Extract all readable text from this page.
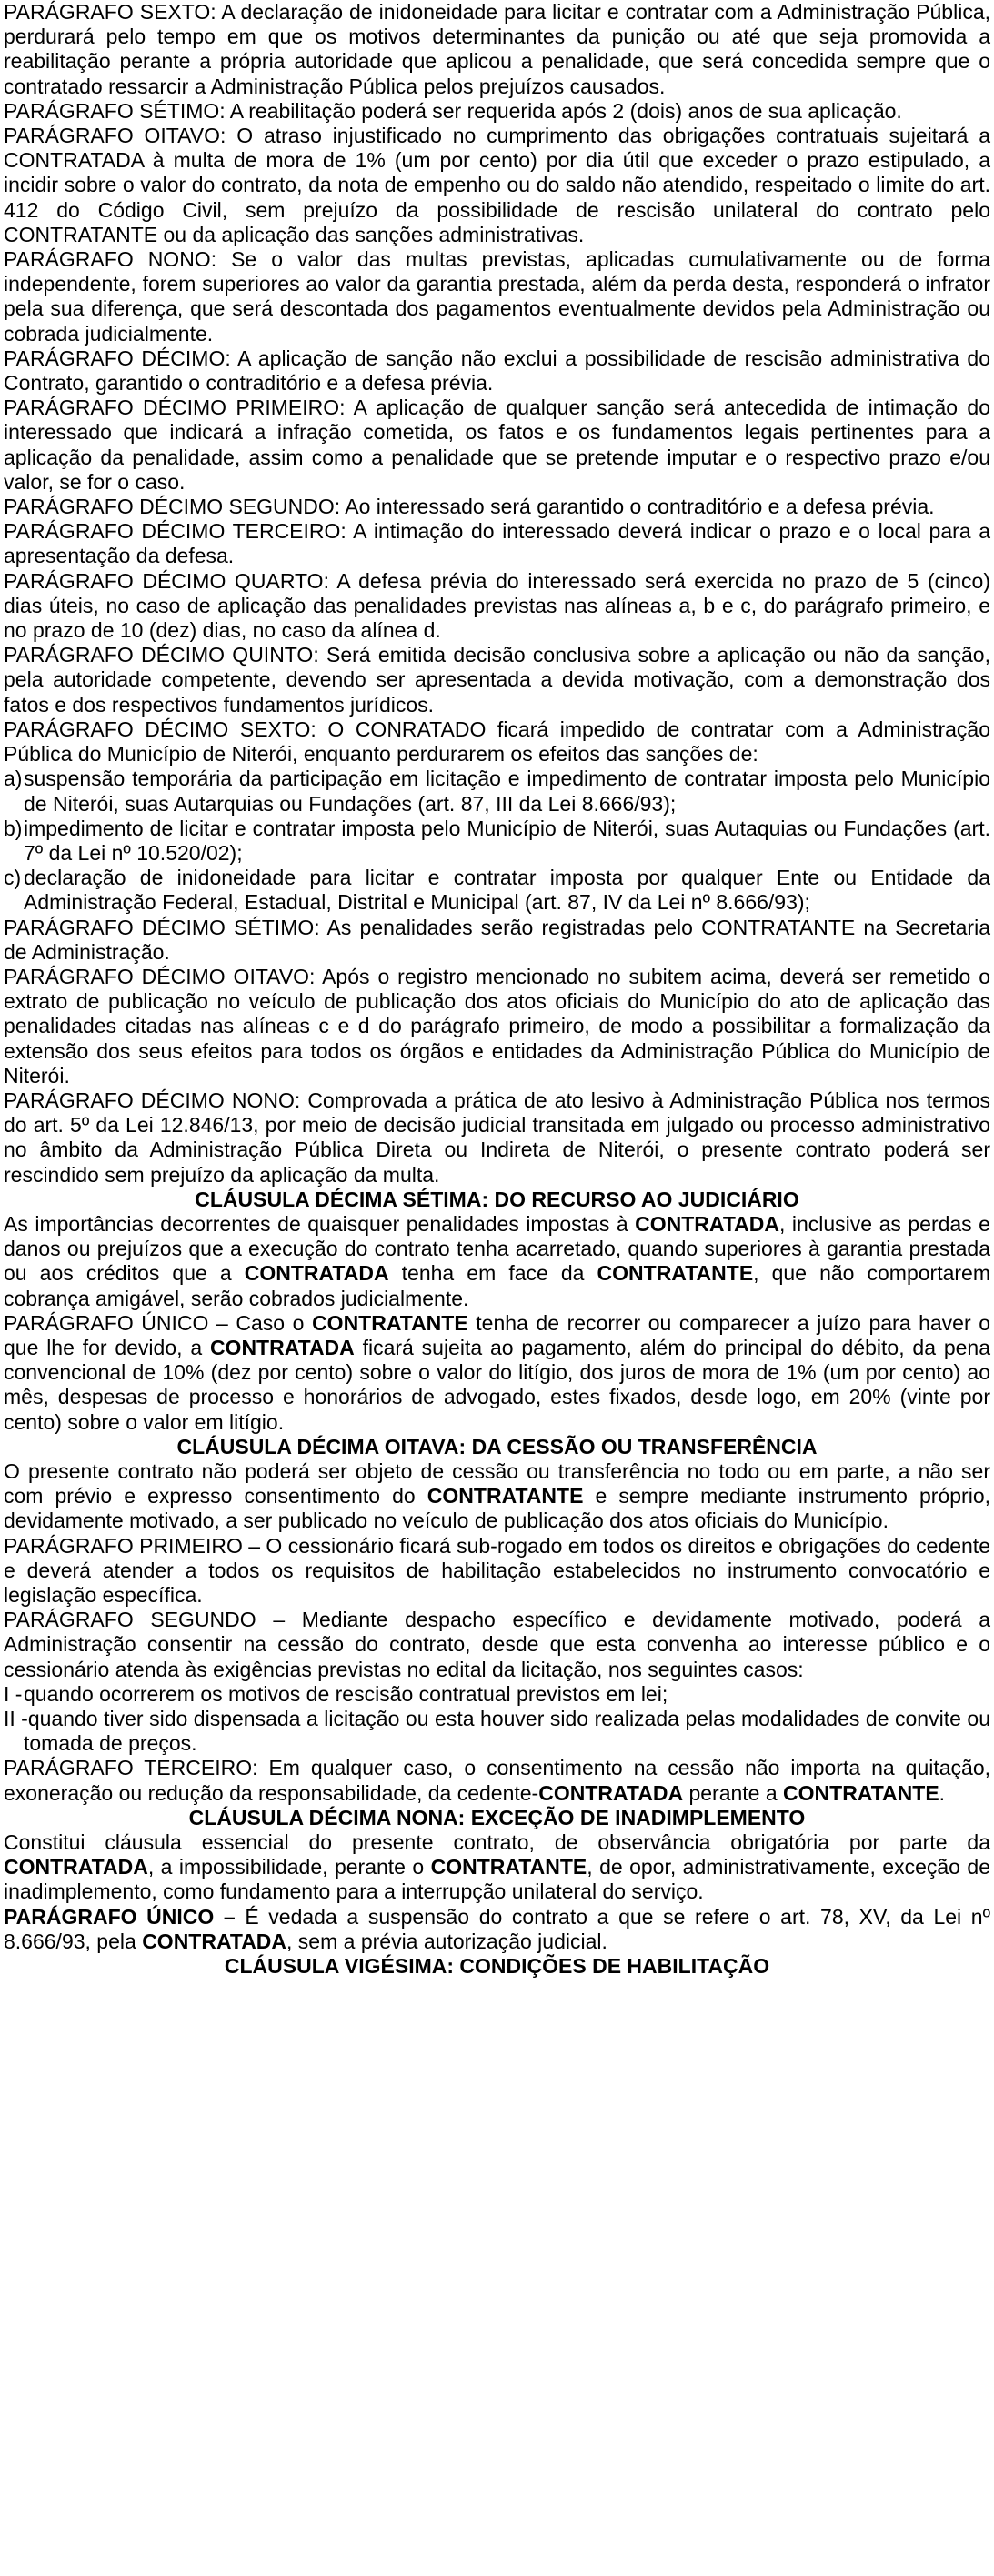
PARÁGRAFO SEXTO: A declaração de inidoneidade para licitar e contratar com a Administração Pública, perdurará pelo tempo em que os motivos determinantes da punição ou até que seja promovida a reabilitação perante a própria autoridade que aplicou a penalidade, que será concedida sempre que o contratado ressarcir a Administração Pública pelos prejuízos causados.

PARÁGRAFO SÉTIMO: A reabilitação poderá ser requerida após 2 (dois) anos de sua aplicação.

PARÁGRAFO OITAVO: O atraso injustificado no cumprimento das obrigações contratuais sujeitará a CONTRATADA à multa de mora de 1% (um por cento) por dia útil que exceder o prazo estipulado, a incidir sobre o valor do contrato, da nota de empenho ou do saldo não atendido, respeitado o limite do art. 412 do Código Civil, sem prejuízo da possibilidade de rescisão unilateral do contrato pelo CONTRATANTE ou da aplicação das sanções administrativas.

PARÁGRAFO NONO: Se o valor das multas previstas, aplicadas cumulativamente ou de forma independente, forem superiores ao valor da garantia prestada, além da perda desta, responderá o infrator pela sua diferença, que será descontada dos pagamentos eventualmente devidos pela Administração ou cobrada judicialmente.

PARÁGRAFO DÉCIMO: A aplicação de sanção não exclui a possibilidade de rescisão administrativa do Contrato, garantido o contraditório e a defesa prévia.

PARÁGRAFO DÉCIMO PRIMEIRO: A aplicação de qualquer sanção será antecedida de intimação do interessado que indicará a infração cometida, os fatos e os fundamentos legais pertinentes para a aplicação da penalidade, assim como a penalidade que se pretende imputar e o respectivo prazo e/ou valor, se for o caso.

PARÁGRAFO DÉCIMO SEGUNDO: Ao interessado será garantido o contraditório e a defesa prévia.

PARÁGRAFO DÉCIMO TERCEIRO: A intimação do interessado deverá indicar o prazo e o local para a apresentação da defesa.

PARÁGRAFO DÉCIMO QUARTO: A defesa prévia do interessado será exercida no prazo de 5 (cinco) dias úteis, no caso de aplicação das penalidades previstas nas alíneas a, b e c, do parágrafo primeiro, e no prazo de 10 (dez) dias, no caso da alínea d.

PARÁGRAFO DÉCIMO QUINTO: Será emitida decisão conclusiva sobre a aplicação ou não da sanção, pela autoridade competente, devendo ser apresentada a devida motivação, com a demonstração dos fatos e dos respectivos fundamentos jurídicos.

PARÁGRAFO DÉCIMO SEXTO: O CONRATADO ficará impedido de contratar com a Administração Pública do Município de Niterói, enquanto perdurarem os efeitos das sanções de:

a)suspensão temporária da participação em licitação e impedimento de contratar imposta pelo Município de Niterói, suas Autarquias ou Fundações (art. 87, III da Lei 8.666/93);

b)impedimento de licitar e contratar imposta pelo Município de Niterói, suas Autaquias ou Fundações (art. 7º da Lei nº 10.520/02);

c) declaração de inidoneidade para licitar e contratar imposta por qualquer Ente ou Entidade da Administração Federal, Estadual, Distrital e Municipal (art. 87, IV da Lei nº 8.666/93);

PARÁGRAFO DÉCIMO SÉTIMO: As penalidades serão registradas pelo CONTRATANTE na Secretaria de Administração.

PARÁGRAFO DÉCIMO OITAVO: Após o registro mencionado no subitem acima, deverá ser remetido o extrato de publicação no veículo de publicação dos atos oficiais do Município do ato de aplicação das penalidades citadas nas alíneas c e d do parágrafo primeiro, de modo a possibilitar a formalização da extensão dos seus efeitos para todos os órgãos e entidades da Administração Pública do Município de Niterói.

PARÁGRAFO DÉCIMO NONO: Comprovada a prática de ato lesivo à Administração Pública nos termos do art. 5º da Lei 12.846/13, por meio de decisão judicial transitada em julgado ou processo administrativo no âmbito da Administração Pública Direta ou Indireta de Niterói, o presente contrato poderá ser rescindido sem prejuízo da aplicação da multa.

CLÁUSULA DÉCIMA SÉTIMA: DO RECURSO AO JUDICIÁRIO

As importâncias decorrentes de quaisquer penalidades impostas à CONTRATADA, inclusive as perdas e danos ou prejuízos que a execução do contrato tenha acarretado, quando superiores à garantia prestada ou aos créditos que a CONTRATADA tenha em face da CONTRATANTE, que não comportarem cobrança amigável, serão cobrados judicialmente.

PARÁGRAFO ÚNICO – Caso o CONTRATANTE tenha de recorrer ou comparecer a juízo para haver o que lhe for devido, a CONTRATADA ficará sujeita ao pagamento, além do principal do débito, da pena convencional de 10% (dez por cento) sobre o valor do litígio, dos juros de mora de 1% (um por cento) ao mês, despesas de processo e honorários de advogado, estes fixados, desde logo, em 20% (vinte por cento) sobre o valor em litígio.

CLÁUSULA DÉCIMA OITAVA: DA CESSÃO OU TRANSFERÊNCIA

O presente contrato não poderá ser objeto de cessão ou transferência no todo ou em parte, a não ser com prévio e expresso consentimento do CONTRATANTE e sempre mediante instrumento próprio, devidamente motivado, a ser publicado no veículo de publicação dos atos oficiais do Município.

PARÁGRAFO PRIMEIRO – O cessionário ficará sub-rogado em todos os direitos e obrigações do cedente e deverá atender a todos os requisitos de habilitação estabelecidos no instrumento convocatório e legislação específica.

PARÁGRAFO SEGUNDO – Mediante despacho específico e devidamente motivado, poderá a Administração consentir na cessão do contrato, desde que esta convenha ao interesse público e o cessionário atenda às exigências previstas no edital da licitação, nos seguintes casos:

I -quando ocorrerem os motivos de rescisão contratual previstos em lei;

II -quando tiver sido dispensada a licitação ou esta houver sido realizada pelas modalidades de convite ou tomada de preços.

PARÁGRAFO TERCEIRO: Em qualquer caso, o consentimento na cessão não importa na quitação, exoneração ou redução da responsabilidade, da cedente-CONTRATADA perante a CONTRATANTE.

CLÁUSULA DÉCIMA NONA: EXCEÇÃO DE INADIMPLEMENTO

Constitui cláusula essencial do presente contrato, de observância obrigatória por parte da CONTRATADA, a impossibilidade, perante o CONTRATANTE, de opor, administrativamente, exceção de inadimplemento, como fundamento para a interrupção unilateral do serviço.

PARÁGRAFO ÚNICO – É vedada a suspensão do contrato a que se refere o art. 78, XV, da Lei nº 8.666/93, pela CONTRATADA, sem a prévia autorização judicial.

CLÁUSULA VIGÉSIMA: CONDIÇÕES DE HABILITAÇÃO
